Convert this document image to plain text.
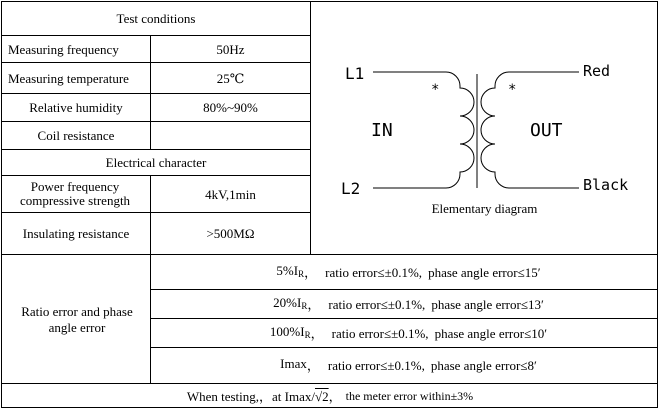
Test conditions
Measuring frequency	50Hz
Measuring temperature	25℃
Relative humidity	80%~90%
Coil resistance
Electrical character
Power frequency compressive strength	4kV,1min
Insulating resistance	>500MΩ
L1
L2
IN	OUT
Red
Black
*	*
Elementary diagram
Ratio error and phase angle error
$5\%I_R$ ， ratio error≤±0.1%, phase angle error≤15′
$20\%I_R$ ， ratio error≤±0.1%, phase angle error≤13′
$100\%I_R$ ， ratio error≤±0.1%, phase angle error≤10′
Imax ， ratio error≤±0.1%, phase angle error≤8′
When testing,，at Imax/ √2 ， the meter error within±3%
